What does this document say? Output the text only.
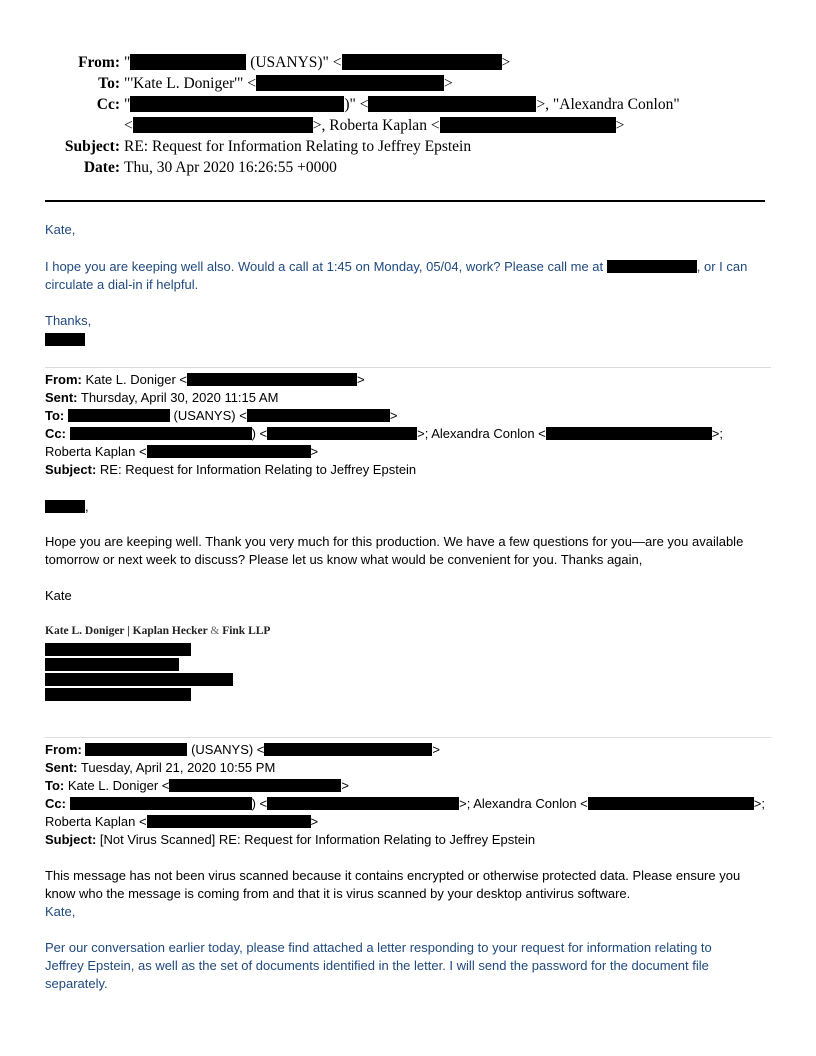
From: "	(USANYS)" <	>
To: "'Kate L. Doniger'" <	>
Cc: "	)" <	>, "Alexandra Conlon"
<	>, Roberta Kaplan <	>
Subject: RE: Request for Information Relating to Jeffrey Epstein
Date: Thu, 30 Apr 2020 16:26:55 +0000
Kate,
I hope you are keeping well also. Would a call at 1:45 on Monday, 05/04, work? Please call me at	, or I can
circulate a dial-in if helpful.
Thanks,
From: Kate L. Doniger <	>
Sent: Thursday, April 30, 2020 11:15 AM
To:	(USANYS) <	>
Cc:	) <	>; Alexandra Conlon <	>;
Roberta Kaplan <	>
Subject: RE: Request for Information Relating to Jeffrey Epstein
,
Hope you are keeping well. Thank you very much for this production. We have a few questions for you—are you available
tomorrow or next week to discuss? Please let us know what would be convenient for you. Thanks again,
Kate
Kate L. Doniger | Kaplan Hecker & Fink LLP
From:	(USANYS) <	>
Sent: Tuesday, April 21, 2020 10:55 PM
To: Kate L. Doniger <	>
Cc:	) <	>; Alexandra Conlon <	>;
Roberta Kaplan <	>
Subject: [Not Virus Scanned] RE: Request for Information Relating to Jeffrey Epstein
This message has not been virus scanned because it contains encrypted or otherwise protected data. Please ensure you
know who the message is coming from and that it is virus scanned by your desktop antivirus software.
Kate,
Per our conversation earlier today, please find attached a letter responding to your request for information relating to
Jeffrey Epstein, as well as the set of documents identified in the letter. I will send the password for the document file
separately.
